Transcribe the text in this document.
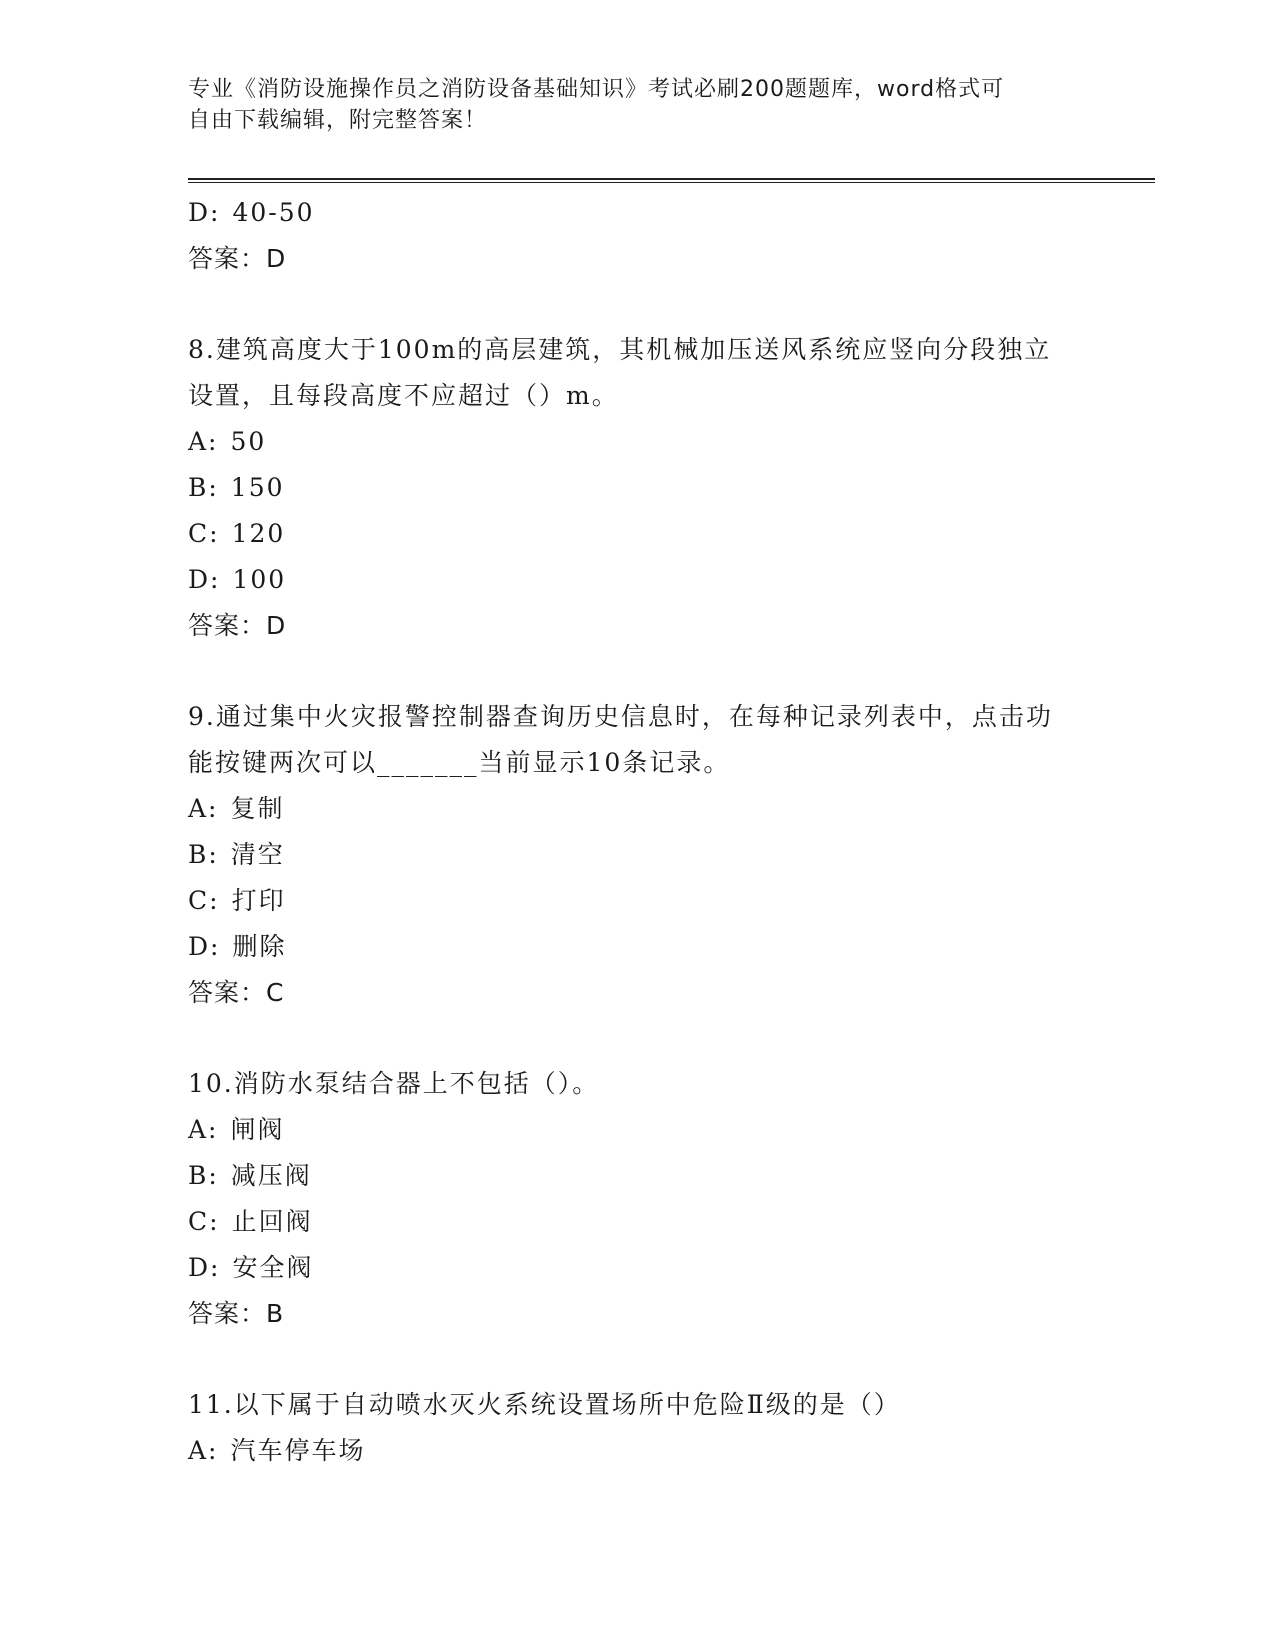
专业《消防设施操作员之消防设备基础知识》考试必刷200题题库，word格式可
自由下载编辑，附完整答案！
D: 40-50
答案：D
8.建筑高度大于100m的高层建筑，其机械加压送风系统应竖向分段独立设置，且每段高度不应超过（）m。
A: 50
B: 150
C: 120
D: 100
答案：D
9.通过集中火灾报警控制器查询历史信息时，在每种记录列表中，点击功能按键两次可以_______当前显示10条记录。
A: 复制
B: 清空
C: 打印
D: 删除
答案：C
10.消防水泵结合器上不包括（）。
A: 闸阀
B: 减压阀
C: 止回阀
D: 安全阀
答案：B
11.以下属于自动喷水灭火系统设置场所中危险Ⅱ级的是（）
A: 汽车停车场
